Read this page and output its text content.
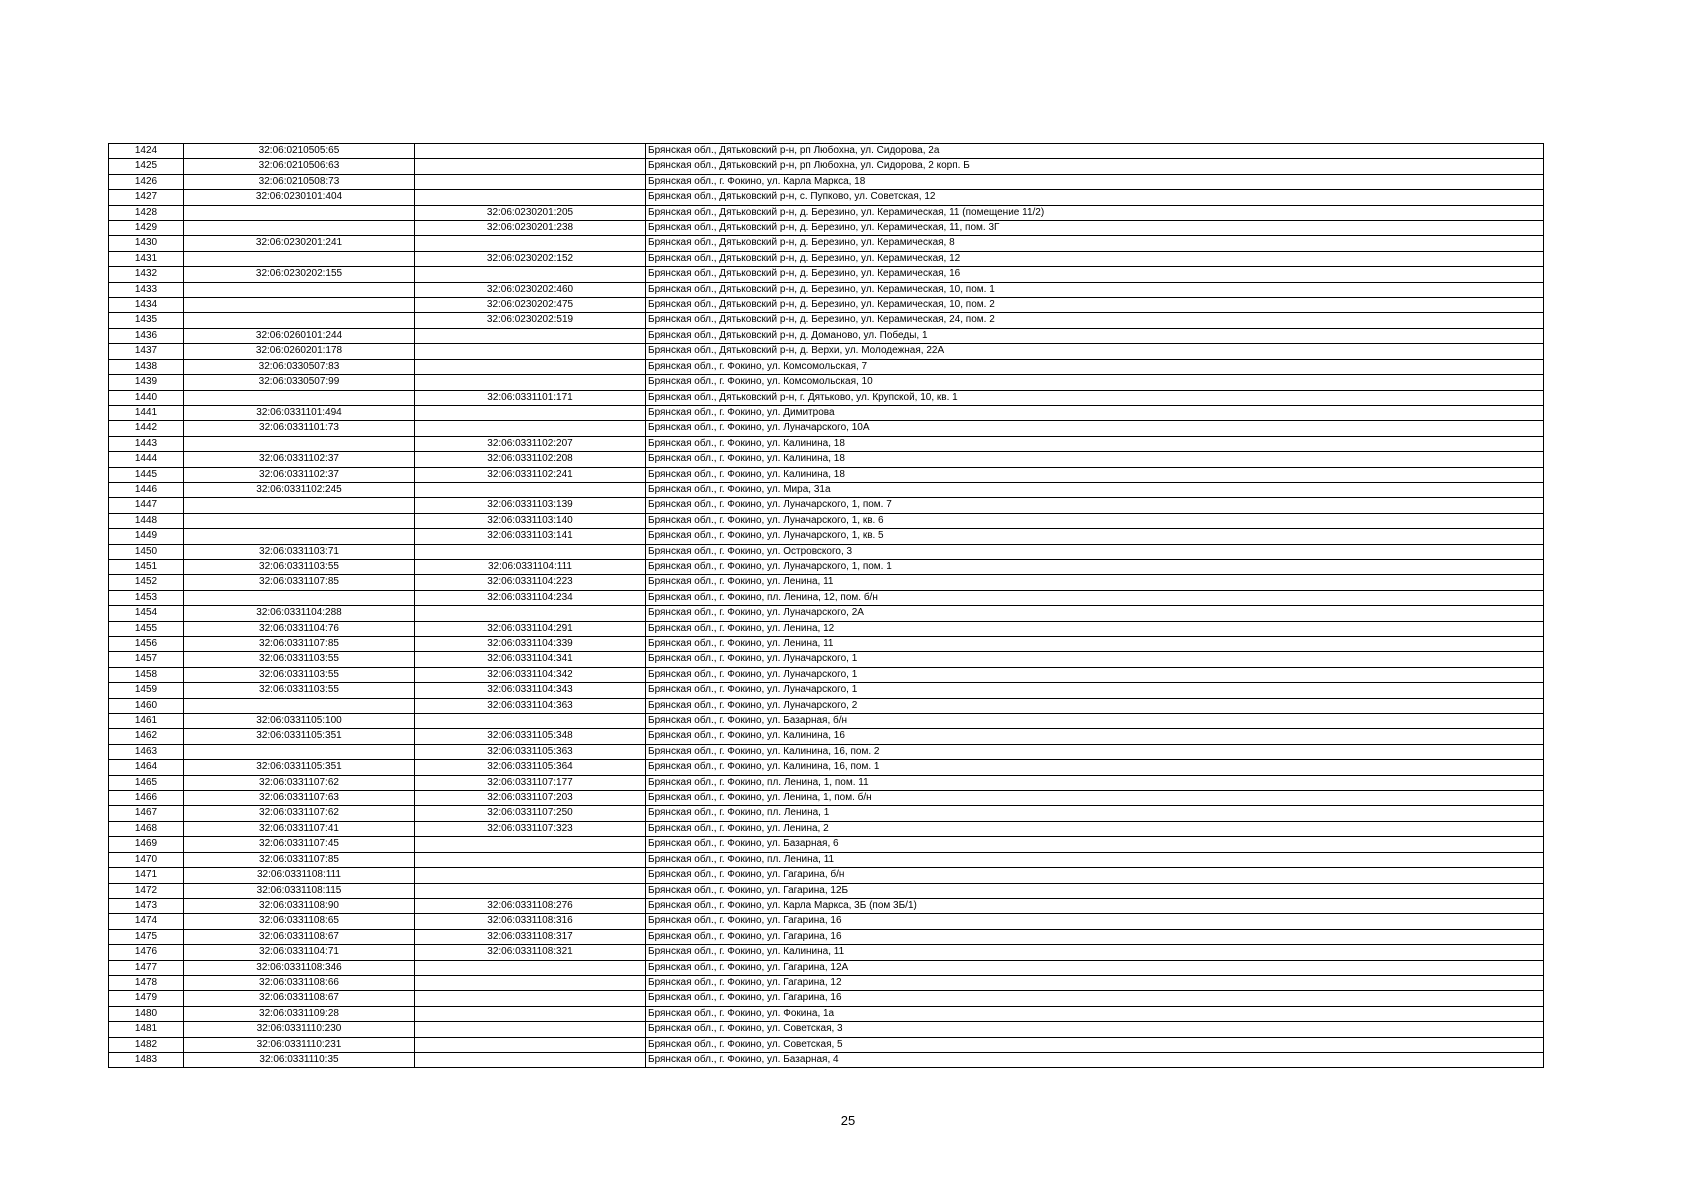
1424	32:06:0210505:65		Брянская обл., Дятьковский р-н, рп Любохна, ул. Сидорова, 2а
1425	32:06:0210506:63		Брянская обл., Дятьковский р-н, рп Любохна, ул. Сидорова, 2 корп. Б
1426	32:06:0210508:73		Брянская обл., г. Фокино, ул. Карла Маркса, 18
1427	32:06:0230101:404		Брянская обл., Дятьковский р-н, с. Пупково, ул. Советская, 12
1428		32:06:0230201:205	Брянская обл., Дятьковский р-н, д. Березино, ул. Керамическая, 11 (помещение 11/2)
1429		32:06:0230201:238	Брянская обл., Дятьковский р-н, д. Березино, ул. Керамическая, 11, пом. 3Г
1430	32:06:0230201:241		Брянская обл., Дятьковский р-н, д. Березино, ул. Керамическая, 8
1431		32:06:0230202:152	Брянская обл., Дятьковский р-н, д. Березино, ул. Керамическая, 12
1432	32:06:0230202:155		Брянская обл., Дятьковский р-н, д. Березино, ул. Керамическая, 16
1433		32:06:0230202:460	Брянская обл., Дятьковский р-н, д. Березино, ул. Керамическая, 10, пом. 1
1434		32:06:0230202:475	Брянская обл., Дятьковский р-н, д. Березино, ул. Керамическая, 10, пом. 2
1435		32:06:0230202:519	Брянская обл., Дятьковский р-н, д. Березино, ул. Керамическая, 24, пом. 2
1436	32:06:0260101:244		Брянская обл., Дятьковский р-н, д. Доманово, ул. Победы, 1
1437	32:06:0260201:178		Брянская обл., Дятьковский р-н, д. Верхи, ул. Молодежная, 22А
1438	32:06:0330507:83		Брянская обл., г. Фокино, ул. Комсомольская, 7
1439	32:06:0330507:99		Брянская обл., г. Фокино, ул. Комсомольская, 10
1440		32:06:0331101:171	Брянская обл., Дятьковский р-н, г. Дятьково, ул. Крупской, 10, кв. 1
1441	32:06:0331101:494		Брянская обл., г. Фокино, ул. Димитрова
1442	32:06:0331101:73		Брянская обл., г. Фокино, ул. Луначарского, 10А
1443		32:06:0331102:207	Брянская обл., г. Фокино, ул. Калинина, 18
1444	32:06:0331102:37	32:06:0331102:208	Брянская обл., г. Фокино, ул. Калинина, 18
1445	32:06:0331102:37	32:06:0331102:241	Брянская обл., г. Фокино, ул. Калинина, 18
1446	32:06:0331102:245		Брянская обл., г. Фокино, ул. Мира, 31а
1447		32:06:0331103:139	Брянская обл., г. Фокино, ул. Луначарского, 1, пом. 7
1448		32:06:0331103:140	Брянская обл., г. Фокино, ул. Луначарского, 1, кв. 6
1449		32:06:0331103:141	Брянская обл., г. Фокино, ул. Луначарского, 1, кв. 5
1450	32:06:0331103:71		Брянская обл., г. Фокино, ул. Островского, 3
1451	32:06:0331103:55	32:06:0331104:111	Брянская обл., г. Фокино, ул. Луначарского, 1, пом. 1
1452	32:06:0331107:85	32:06:0331104:223	Брянская обл., г. Фокино, ул. Ленина, 11
1453		32:06:0331104:234	Брянская обл., г. Фокино, пл. Ленина, 12, пом. б/н
1454	32:06:0331104:288		Брянская обл., г. Фокино, ул. Луначарского, 2А
1455	32:06:0331104:76	32:06:0331104:291	Брянская обл., г. Фокино, ул. Ленина, 12
1456	32:06:0331107:85	32:06:0331104:339	Брянская обл., г. Фокино, ул. Ленина, 11
1457	32:06:0331103:55	32:06:0331104:341	Брянская обл., г. Фокино, ул. Луначарского, 1
1458	32:06:0331103:55	32:06:0331104:342	Брянская обл., г. Фокино, ул. Луначарского, 1
1459	32:06:0331103:55	32:06:0331104:343	Брянская обл., г. Фокино, ул. Луначарского, 1
1460		32:06:0331104:363	Брянская обл., г. Фокино, ул. Луначарского, 2
1461	32:06:0331105:100		Брянская обл., г. Фокино, ул. Базарная, б/н
1462	32:06:0331105:351	32:06:0331105:348	Брянская обл., г. Фокино, ул. Калинина, 16
1463		32:06:0331105:363	Брянская обл., г. Фокино, ул. Калинина, 16, пом. 2
1464	32:06:0331105:351	32:06:0331105:364	Брянская обл., г. Фокино, ул. Калинина, 16, пом. 1
1465	32:06:0331107:62	32:06:0331107:177	Брянская обл., г. Фокино, пл. Ленина, 1, пом. 11
1466	32:06:0331107:63	32:06:0331107:203	Брянская обл., г. Фокино, ул. Ленина, 1, пом. б/н
1467	32:06:0331107:62	32:06:0331107:250	Брянская обл., г. Фокино, пл. Ленина, 1
1468	32:06:0331107:41	32:06:0331107:323	Брянская обл., г. Фокино, ул. Ленина, 2
1469	32:06:0331107:45		Брянская обл., г. Фокино, ул. Базарная, 6
1470	32:06:0331107:85		Брянская обл., г. Фокино, пл. Ленина, 11
1471	32:06:0331108:111		Брянская обл., г. Фокино, ул. Гагарина, б/н
1472	32:06:0331108:115		Брянская обл., г. Фокино, ул. Гагарина, 12Б
1473	32:06:0331108:90	32:06:0331108:276	Брянская обл., г. Фокино, ул. Карла Маркса, 3Б (пом 3Б/1)
1474	32:06:0331108:65	32:06:0331108:316	Брянская обл., г. Фокино, ул. Гагарина, 16
1475	32:06:0331108:67	32:06:0331108:317	Брянская обл., г. Фокино, ул. Гагарина, 16
1476	32:06:0331104:71	32:06:0331108:321	Брянская обл., г. Фокино, ул. Калинина, 11
1477	32:06:0331108:346		Брянская обл., г. Фокино, ул. Гагарина, 12А
1478	32:06:0331108:66		Брянская обл., г. Фокино, ул. Гагарина, 12
1479	32:06:0331108:67		Брянская обл., г. Фокино, ул. Гагарина, 16
1480	32:06:0331109:28		Брянская обл., г. Фокино, ул. Фокина, 1а
1481	32:06:0331110:230		Брянская обл., г. Фокино, ул. Советская, 3
1482	32:06:0331110:231		Брянская обл., г. Фокино, ул. Советская, 5
1483	32:06:0331110:35		Брянская обл., г. Фокино, ул. Базарная, 4
25
